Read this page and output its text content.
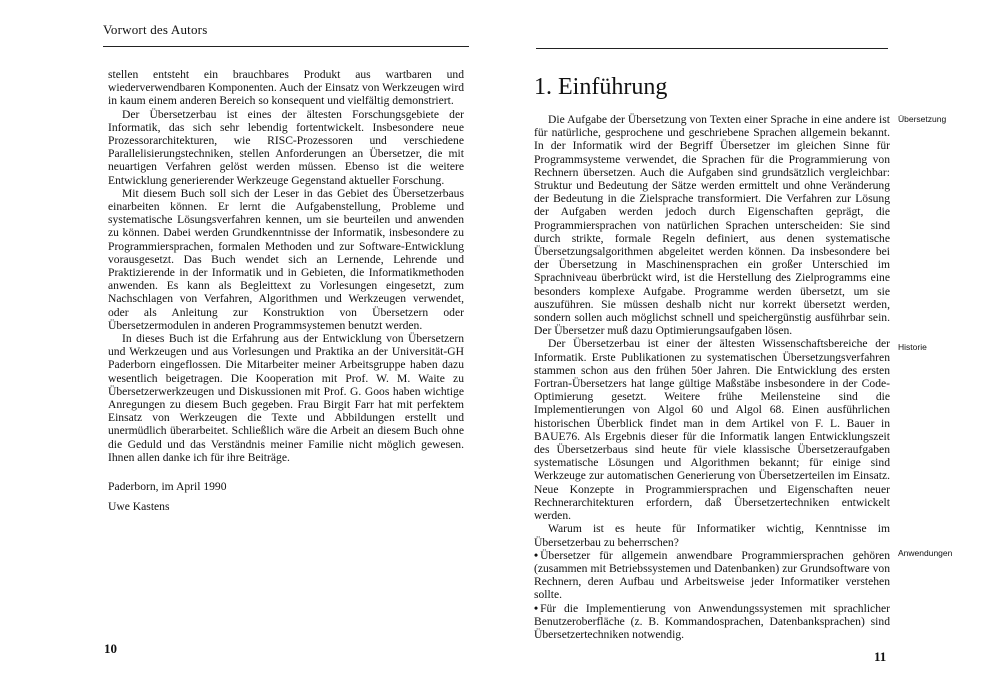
Vorwort des Autors

stellen entsteht ein brauchbares Produkt aus wartbaren und wiederverwendbaren Komponenten. Auch der Einsatz von Werkzeugen wird in kaum einem anderen Bereich so konsequent und vielfältig demonstriert.

Der Übersetzerbau ist eines der ältesten Forschungsgebiete der Informatik, das sich sehr lebendig fortentwickelt. Insbesondere neue Prozessorarchitekturen, wie RISC-Prozessoren und verschiedene Parallelisierungstechniken, stellen Anforderungen an Übersetzer, die mit neuartigen Verfahren gelöst werden müssen. Ebenso ist die weitere Entwicklung generierender Werkzeuge Gegenstand aktueller Forschung.

Mit diesem Buch soll sich der Leser in das Gebiet des Übersetzerbaus einarbeiten können. Er lernt die Aufgabenstellung, Probleme und systematische Lösungsverfahren kennen, um sie beurteilen und anwenden zu können. Dabei werden Grundkenntnisse der Informatik, insbesondere zu Programmiersprachen, formalen Methoden und zur Software-Entwicklung vorausgesetzt. Das Buch wendet sich an Lernende, Lehrende und Praktizierende in der Informatik und in Gebieten, die Informatikmethoden anwenden. Es kann als Begleittext zu Vorlesungen eingesetzt, zum Nachschlagen von Verfahren, Algorithmen und Werkzeugen verwendet, oder als Anleitung zur Konstruktion von Übersetzern oder Übersetzermodulen in anderen Programmsystemen benutzt werden.

In dieses Buch ist die Erfahrung aus der Entwicklung von Übersetzern und Werkzeugen und aus Vorlesungen und Praktika an der Universität-GH Paderborn eingeflossen. Die Mitarbeiter meiner Arbeitsgruppe haben dazu wesentlich beigetragen. Die Kooperation mit Prof. W. M. Waite zu Übersetzerwerkzeugen und Diskussionen mit Prof. G. Goos haben wichtige Anregungen zu diesem Buch gegeben. Frau Birgit Farr hat mit perfektem Einsatz von Werkzeugen die Texte und Abbildungen erstellt und unermüdlich überarbeitet. Schließlich wäre die Arbeit an diesem Buch ohne die Geduld und das Verständnis meiner Familie nicht möglich gewesen. Ihnen allen danke ich für ihre Beiträge.

Paderborn, im April 1990
Uwe Kastens
10
1. Einführung

Die Aufgabe der Übersetzung von Texten einer Sprache in eine andere ist für natürliche, gesprochene und geschriebene Sprachen allgemein bekannt. In der Informatik wird der Begriff Übersetzer im gleichen Sinne für Programmsysteme verwendet, die Sprachen für die Programmierung von Rechnern übersetzen. Auch die Aufgaben sind grundsätzlich vergleichbar: Struktur und Bedeutung der Sätze werden ermittelt und ohne Veränderung der Bedeutung in die Zielsprache transformiert. Die Verfahren zur Lösung der Aufgaben werden jedoch durch Eigenschaften geprägt, die Programmiersprachen von natürlichen Sprachen unterscheiden: Sie sind durch strikte, formale Regeln definiert, aus denen systematische Übersetzungsalgorithmen abgeleitet werden können. Da insbesondere bei der Übersetzung in Maschinensprachen ein großer Unterschied im Sprachniveau überbrückt wird, ist die Herstellung des Zielprogramms eine besonders komplexe Aufgabe. Programme werden übersetzt, um sie auszuführen. Sie müssen deshalb nicht nur korrekt übersetzt werden, sondern sollen auch möglichst schnell und speichergünstig ausführbar sein. Der Übersetzer muß dazu Optimierungsaufgaben lösen.

Der Übersetzerbau ist einer der ältesten Wissenschaftsbereiche der Informatik. Erste Publikationen zu systematischen Übersetzungsverfahren stammen schon aus den frühen 50er Jahren. Die Entwicklung des ersten Fortran-Übersetzers hat lange gültige Maßstäbe insbesondere in der Code-Optimierung gesetzt. Weitere frühe Meilensteine sind die Implementierungen von Algol 60 und Algol 68. Einen ausführlichen historischen Überblick findet man in dem Artikel von F. L. Bauer in BAUE76. Als Ergebnis dieser für die Informatik langen Entwicklungszeit des Übersetzerbaus sind heute für viele klassische Übersetzeraufgaben systematische Lösungen und Algorithmen bekannt; für einige sind Werkzeuge zur automatischen Generierung von Übersetzerteilen im Einsatz. Neue Konzepte in Programmiersprachen und Eigenschaften neuer Rechnerarchitekturen erfordern, daß Übersetzertechniken entwickelt werden.

Warum ist es heute für Informatiker wichtig, Kenntnisse im Übersetzerbau zu beherrschen?

• Übersetzer für allgemein anwendbare Programmiersprachen gehören (zusammen mit Betriebssystemen und Datenbanken) zur Grundsoftware von Rechnern, deren Aufbau und Arbeitsweise jeder Informatiker verstehen sollte.

• Für die Implementierung von Anwendungssystemen mit sprachlicher Benutzeroberfläche (z. B. Kommandosprachen, Datenbanksprachen) sind Übersetzertechniken notwendig.

Übersetzung
Historie
Anwendungen
11
